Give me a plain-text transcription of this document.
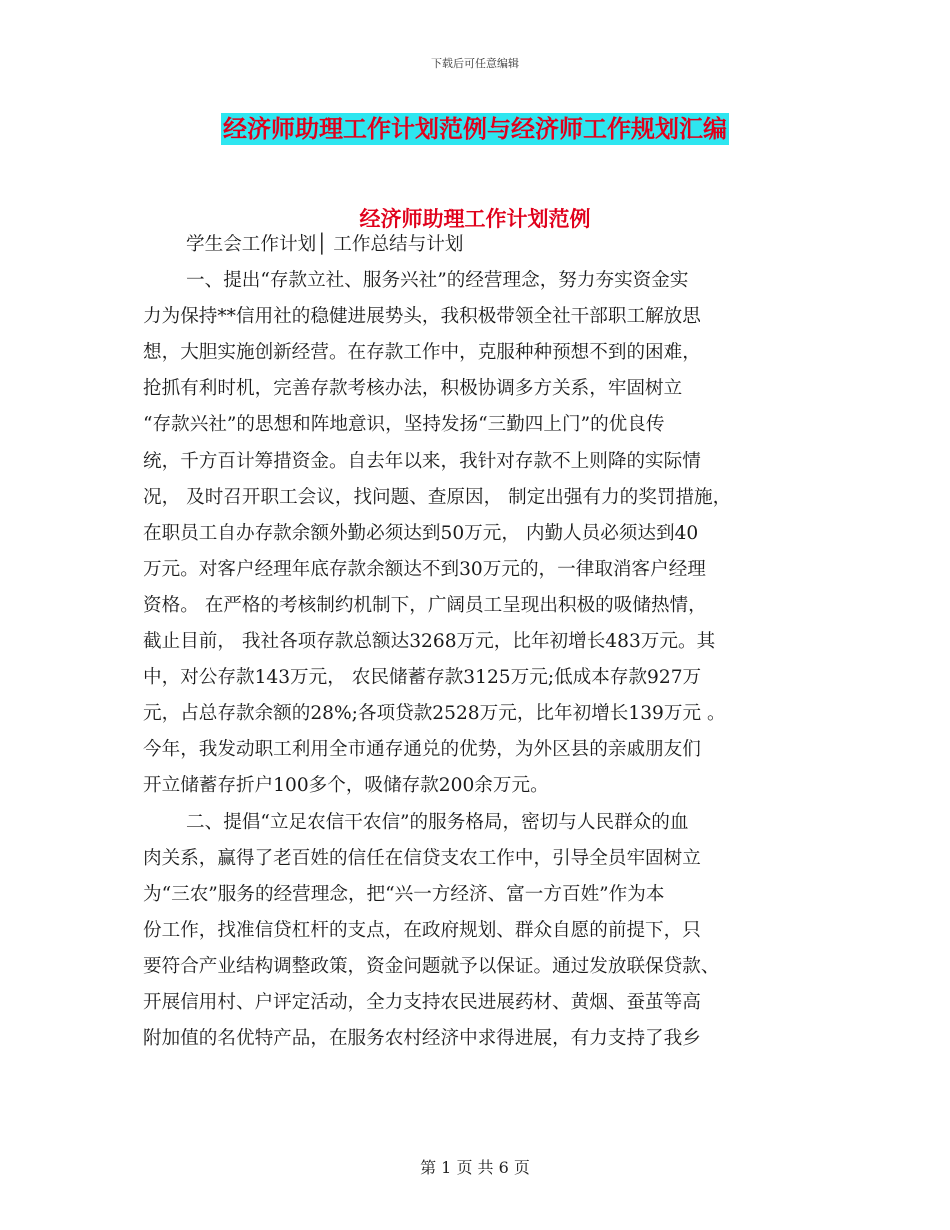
下载后可任意编辑
经济师助理工作计划范例与经济师工作规划汇编
经济师助理工作计划范例
学生会工作计划│ 工作总结与计划
一、提出“存款立社、服务兴社”的经营理念，努力夯实资金实
力为保持**信用社的稳健进展势头，我积极带领全社干部职工解放思
想，大胆实施创新经营。在存款工作中，克服种种预想不到的困难，
抢抓有利时机，完善存款考核办法，积极协调多方关系，牢固树立
“存款兴社”的思想和阵地意识，坚持发扬“三勤四上门”的优良传
统，千方百计筹措资金。自去年以来，我针对存款不上则降的实际情
况， 及时召开职工会议，找问题、查原因， 制定出强有力的奖罚措施，
在职员工自办存款余额外勤必须达到50万元， 内勤人员必须达到40
万元。对客户经理年底存款余额达不到30万元的，一律取消客户经理
资格。 在严格的考核制约机制下，广阔员工呈现出积极的吸储热情，
截止目前， 我社各项存款总额达3268万元，比年初增长483万元。其
中，对公存款143万元， 农民储蓄存款3125万元;低成本存款927万
元，占总存款余额的28%;各项贷款2528万元，比年初增长139万元 。
今年，我发动职工利用全市通存通兑的优势，为外区县的亲戚朋友们
开立储蓄存折户100多个，吸储存款200余万元。
二、提倡“立足农信干农信”的服务格局，密切与人民群众的血
肉关系，赢得了老百姓的信任在信贷支农工作中，引导全员牢固树立
为“三农”服务的经营理念，把“兴一方经济、富一方百姓”作为本
份工作，找准信贷杠杆的支点，在政府规划、群众自愿的前提下，只
要符合产业结构调整政策，资金问题就予以保证。通过发放联保贷款、
开展信用村、户评定活动，全力支持农民进展药材、黄烟、蚕茧等高
附加值的名优特产品，在服务农村经济中求得进展，有力支持了我乡
第 1 页 共 6 页
